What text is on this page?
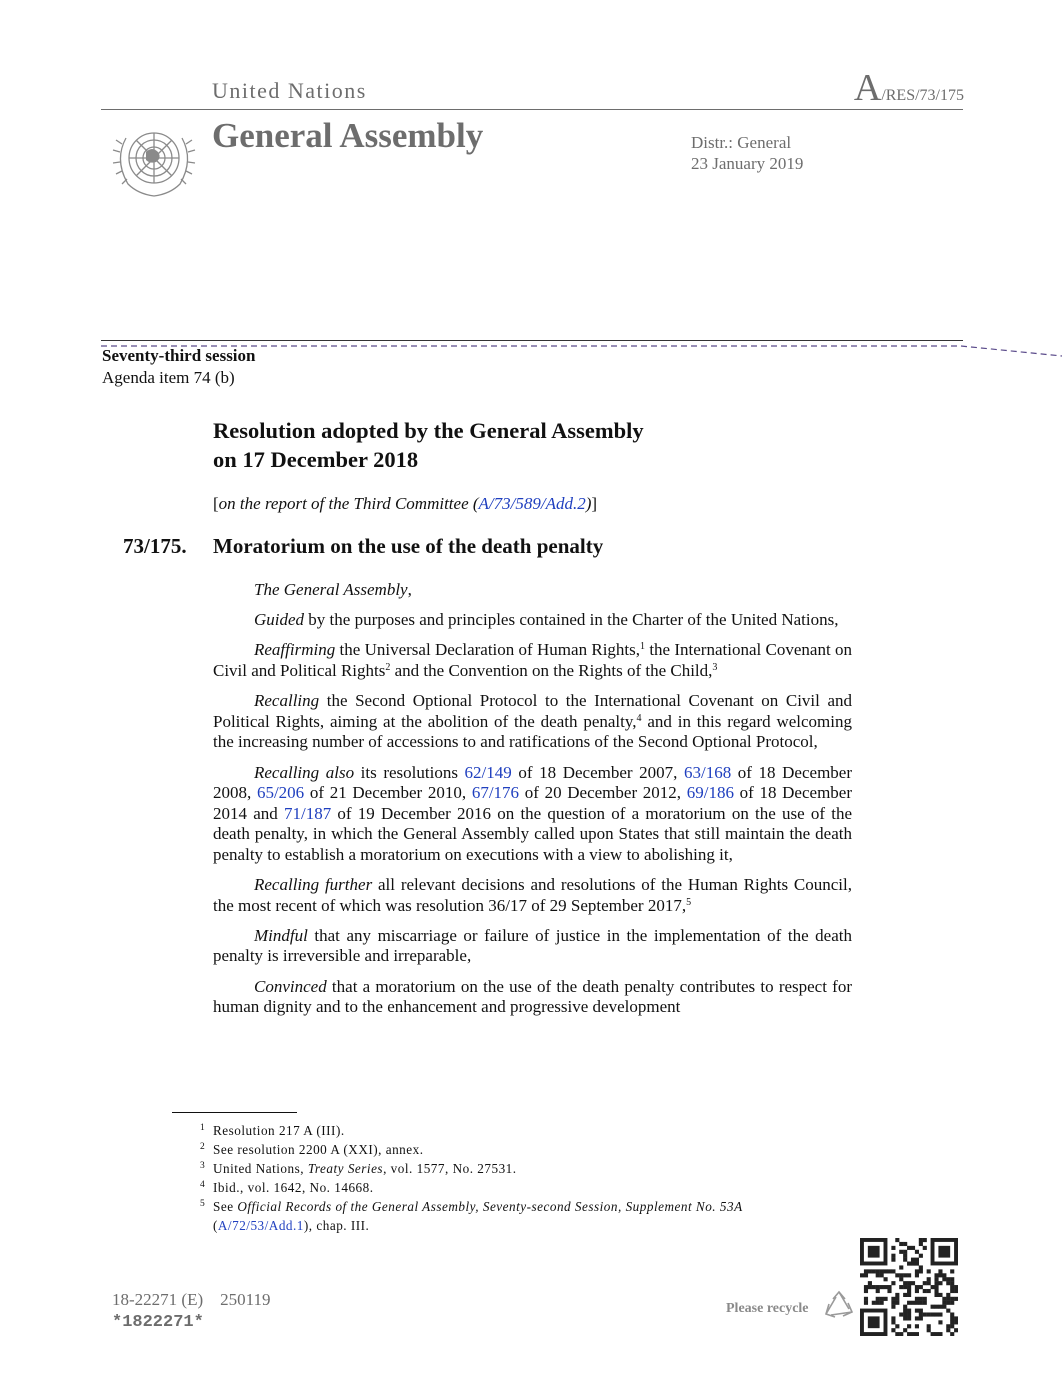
United Nations	A/RES/73/175
General Assembly	Distr.: General
23 January 2019
Seventy-third session
Agenda item 74 (b)
Resolution adopted by the General Assembly
on 17 December 2018
[on the report of the Third Committee (A/73/589/Add.2)]
73/175. Moratorium on the use of the death penalty

The General Assembly,

Guided by the purposes and principles contained in the Charter of the United Nations,

Reaffirming the Universal Declaration of Human Rights,$^1$ the International Covenant on Civil and Political Rights$^2$ and the Convention on the Rights of the Child,$^3$

Recalling the Second Optional Protocol to the International Covenant on Civil and Political Rights, aiming at the abolition of the death penalty,$^4$ and in this regard welcoming the increasing number of accessions to and ratifications of the Second Optional Protocol,

Recalling also its resolutions 62/149 of 18 December 2007, 63/168 of 18 December 2008, 65/206 of 21 December 2010, 67/176 of 20 December 2012, 69/186 of 18 December 2014 and 71/187 of 19 December 2016 on the question of a moratorium on the use of the death penalty, in which the General Assembly called upon States that still maintain the death penalty to establish a moratorium on executions with a view to abolishing it,

Recalling further all relevant decisions and resolutions of the Human Rights Council, the most recent of which was resolution 36/17 of 29 September 2017,$^5$

Mindful that any miscarriage or failure of justice in the implementation of the death penalty is irreversible and irreparable,

Convinced that a moratorium on the use of the death penalty contributes to respect for human dignity and to the enhancement and progressive development

1 Resolution 217 A (III).
2 See resolution 2200 A (XXI), annex.
3 United Nations, Treaty Series, vol. 1577, No. 27531.
4 Ibid., vol. 1642, No. 14668.
5 See Official Records of the General Assembly, Seventy-second Session, Supplement No. 53A
(A/72/53/Add.1), chap. III.
18-22271 (E)    250119
*1822271*
Please recycle
